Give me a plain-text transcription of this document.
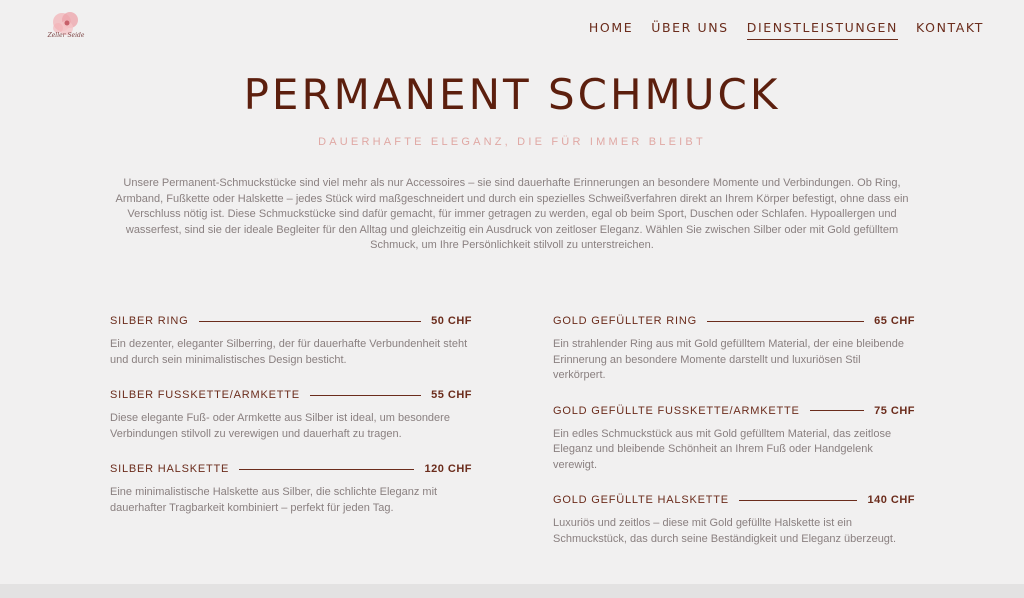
Zeller Seide
HOME ÜBER UNS DIENSTLEISTUNGEN KONTAKT
PERMANENT SCHMUCK
DAUERHAFTE ELEGANZ, DIE FÜR IMMER BLEIBT

Unsere Permanent-Schmuckstücke sind viel mehr als nur Accessoires – sie sind dauerhafte Erinnerungen an besondere Momente und Verbindungen. Ob Ring, Armband, Fußkette oder Halskette – jedes Stück wird maßgeschneidert und durch ein spezielles Schweißverfahren direkt an Ihrem Körper befestigt, ohne dass ein Verschluss nötig ist. Diese Schmuckstücke sind dafür gemacht, für immer getragen zu werden, egal ob beim Sport, Duschen oder Schlafen. Hypoallergen und wasserfest, sind sie der ideale Begleiter für den Alltag und gleichzeitig ein Ausdruck von zeitloser Eleganz. Wählen Sie zwischen Silber oder mit Gold gefülltem Schmuck, um Ihre Persönlichkeit stilvoll zu unterstreichen.

SILBER RING	50 CHF
Ein dezenter, eleganter Silberring, der für dauerhafte Verbundenheit steht und durch sein minimalistisches Design besticht.
SILBER FUSSKETTE/ARMKETTE	55 CHF
Diese elegante Fuß- oder Armkette aus Silber ist ideal, um besondere Verbindungen stilvoll zu verewigen und dauerhaft zu tragen.
SILBER HALSKETTE	120 CHF
Eine minimalistische Halskette aus Silber, die schlichte Eleganz mit dauerhafter Tragbarkeit kombiniert – perfekt für jeden Tag.
GOLD GEFÜLLTER RING	65 CHF
Ein strahlender Ring aus mit Gold gefülltem Material, der eine bleibende Erinnerung an besondere Momente darstellt und luxuriösen Stil verkörpert.
GOLD GEFÜLLTE FUSSKETTE/ARMKETTE	75 CHF
Ein edles Schmuckstück aus mit Gold gefülltem Material, das zeitlose Eleganz und bleibende Schönheit an Ihrem Fuß oder Handgelenk verewigt.
GOLD GEFÜLLTE HALSKETTE	140 CHF
Luxuriös und zeitlos – diese mit Gold gefüllte Halskette ist ein Schmuckstück, das durch seine Beständigkeit und Eleganz überzeugt.
